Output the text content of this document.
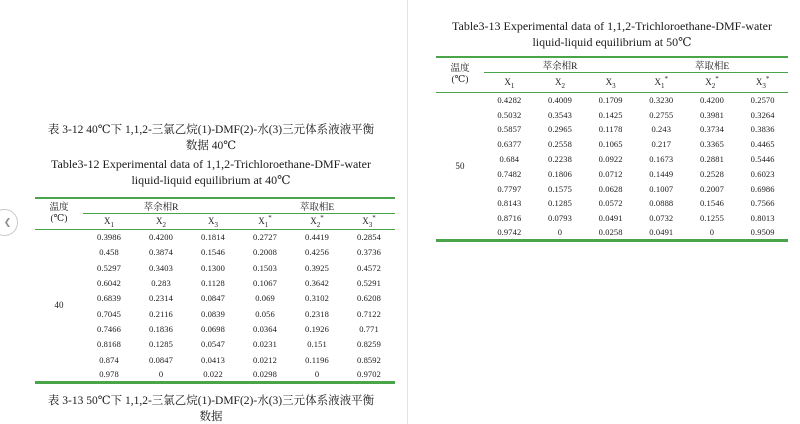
表 3-12 40℃下 1,1,2-三氯乙烷(1)-DMF(2)-水(3)三元体系液液平衡
数据 40℃
Table3-12 Experimental data of 1,1,2-Trichloroethane-DMF-water
liquid-liquid equilibrium at 40℃
温度
(℃)	萃余相R			萃取相E		
	$X_1$	$X_2$	$X_3$	$X_1^*$	$X_2^*$	$X_3^*$
40	0.3986	0.4200	0.1814	0.2727	0.4419	0.2854
	0.458	0.3874	0.1546	0.2008	0.4256	0.3736
	0.5297	0.3403	0.1300	0.1503	0.3925	0.4572
	0.6042	0.283	0.1128	0.1067	0.3642	0.5291
	0.6839	0.2314	0.0847	0.069	0.3102	0.6208
	0.7045	0.2116	0.0839	0.056	0.2318	0.7122
	0.7466	0.1836	0.0698	0.0364	0.1926	0.771
	0.8168	0.1285	0.0547	0.0231	0.151	0.8259
	0.874	0.0847	0.0413	0.0212	0.1196	0.8592
	0.978	0	0.022	0.0298	0	0.9702
表 3-13 50℃下 1,1,2-三氯乙烷(1)-DMF(2)-水(3)三元体系液液平衡
数据
Table3-13 Experimental data of 1,1,2-Trichloroethane-DMF-water
liquid-liquid equilibrium at 50℃
温度
(℃)	萃余相R			萃取相E		
	$X_1$	$X_2$	$X_3$	$X_1^*$	$X_2^*$	$X_3^*$
50	0.4282	0.4009	0.1709	0.3230	0.4200	0.2570
	0.5032	0.3543	0.1425	0.2755	0.3981	0.3264
	0.5857	0.2965	0.1178	0.243	0.3734	0.3836
	0.6377	0.2558	0.1065	0.217	0.3365	0.4465
	0.684	0.2238	0.0922	0.1673	0.2881	0.5446
	0.7482	0.1806	0.0712	0.1449	0.2528	0.6023
	0.7797	0.1575	0.0628	0.1007	0.2007	0.6986
	0.8143	0.1285	0.0572	0.0888	0.1546	0.7566
	0.8716	0.0793	0.0491	0.0732	0.1255	0.8013
	0.9742	0	0.0258	0.0491	0	0.9509
❮
